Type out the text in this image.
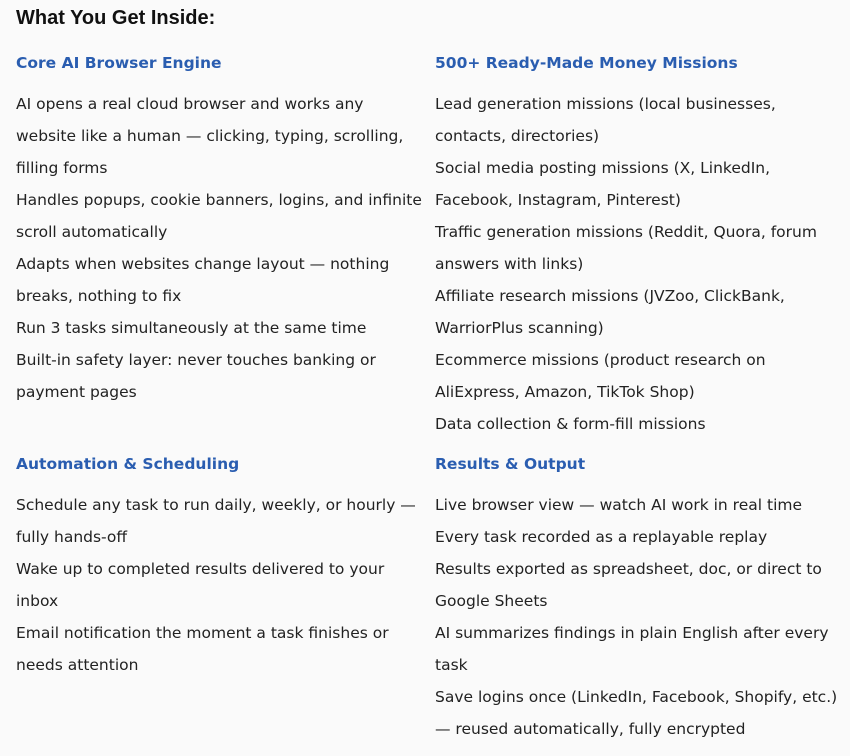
What You Get Inside:
Core AI Browser Engine
AI opens a real cloud browser and works any website like a human — clicking, typing, scrolling, filling forms
Handles popups, cookie banners, logins, and infinite scroll automatically
Adapts when websites change layout — nothing breaks, nothing to fix
Run 3 tasks simultaneously at the same time
Built-in safety layer: never touches banking or payment pages
500+ Ready-Made Money Missions
Lead generation missions (local businesses, contacts, directories)
Social media posting missions (X, LinkedIn, Facebook, Instagram, Pinterest)
Traffic generation missions (Reddit, Quora, forum answers with links)
Affiliate research missions (JVZoo, ClickBank, WarriorPlus scanning)
Ecommerce missions (product research on AliExpress, Amazon, TikTok Shop)
Data collection & form-fill missions
Automation & Scheduling
Schedule any task to run daily, weekly, or hourly — fully hands-off
Wake up to completed results delivered to your inbox
Email notification the moment a task finishes or needs attention
Results & Output
Live browser view — watch AI work in real time
Every task recorded as a replayable replay
Results exported as spreadsheet, doc, or direct to Google Sheets
AI summarizes findings in plain English after every task
Save logins once (LinkedIn, Facebook, Shopify, etc.) — reused automatically, fully encrypted
